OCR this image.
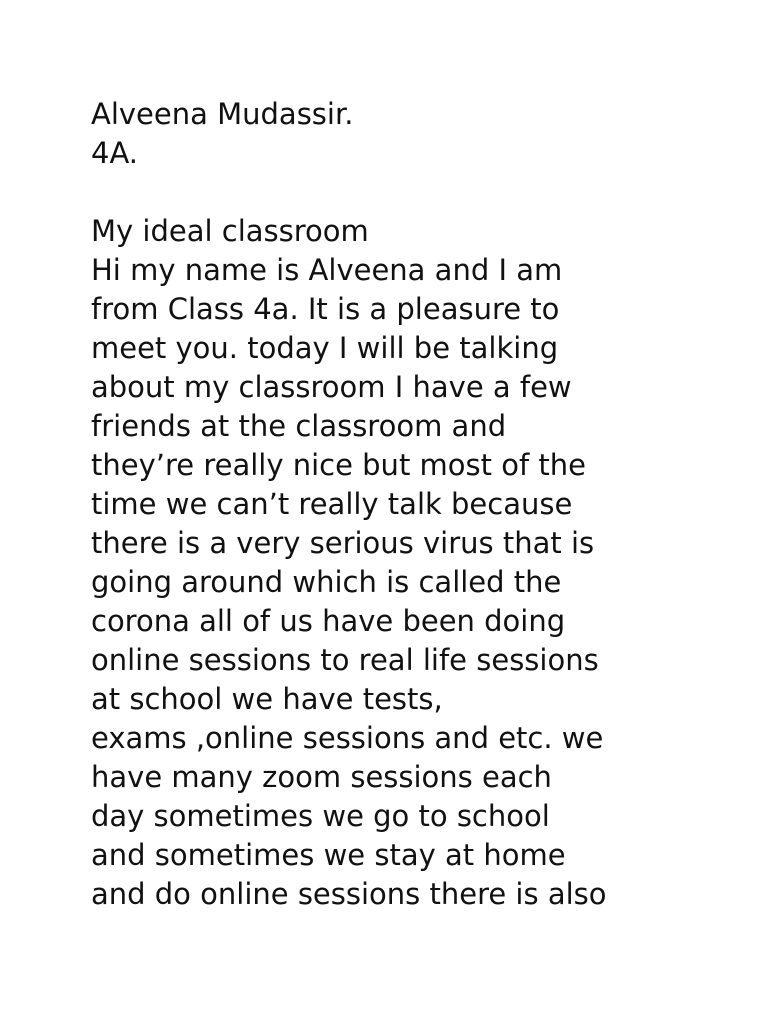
Alveena Mudassir.
4A.
My ideal classroom
Hi my name is Alveena and I am
from Class 4a. It is a pleasure to
meet you. today I will be talking
about my classroom I have a few
friends at the classroom and
they’re really nice but most of the
time we can’t really talk because
there is a very serious virus that is
going around which is called the
corona all of us have been doing
online sessions to real life sessions
at school we have tests,
exams ,online sessions and etc. we
have many zoom sessions each
day sometimes we go to school
and sometimes we stay at home
and do online sessions there is also
